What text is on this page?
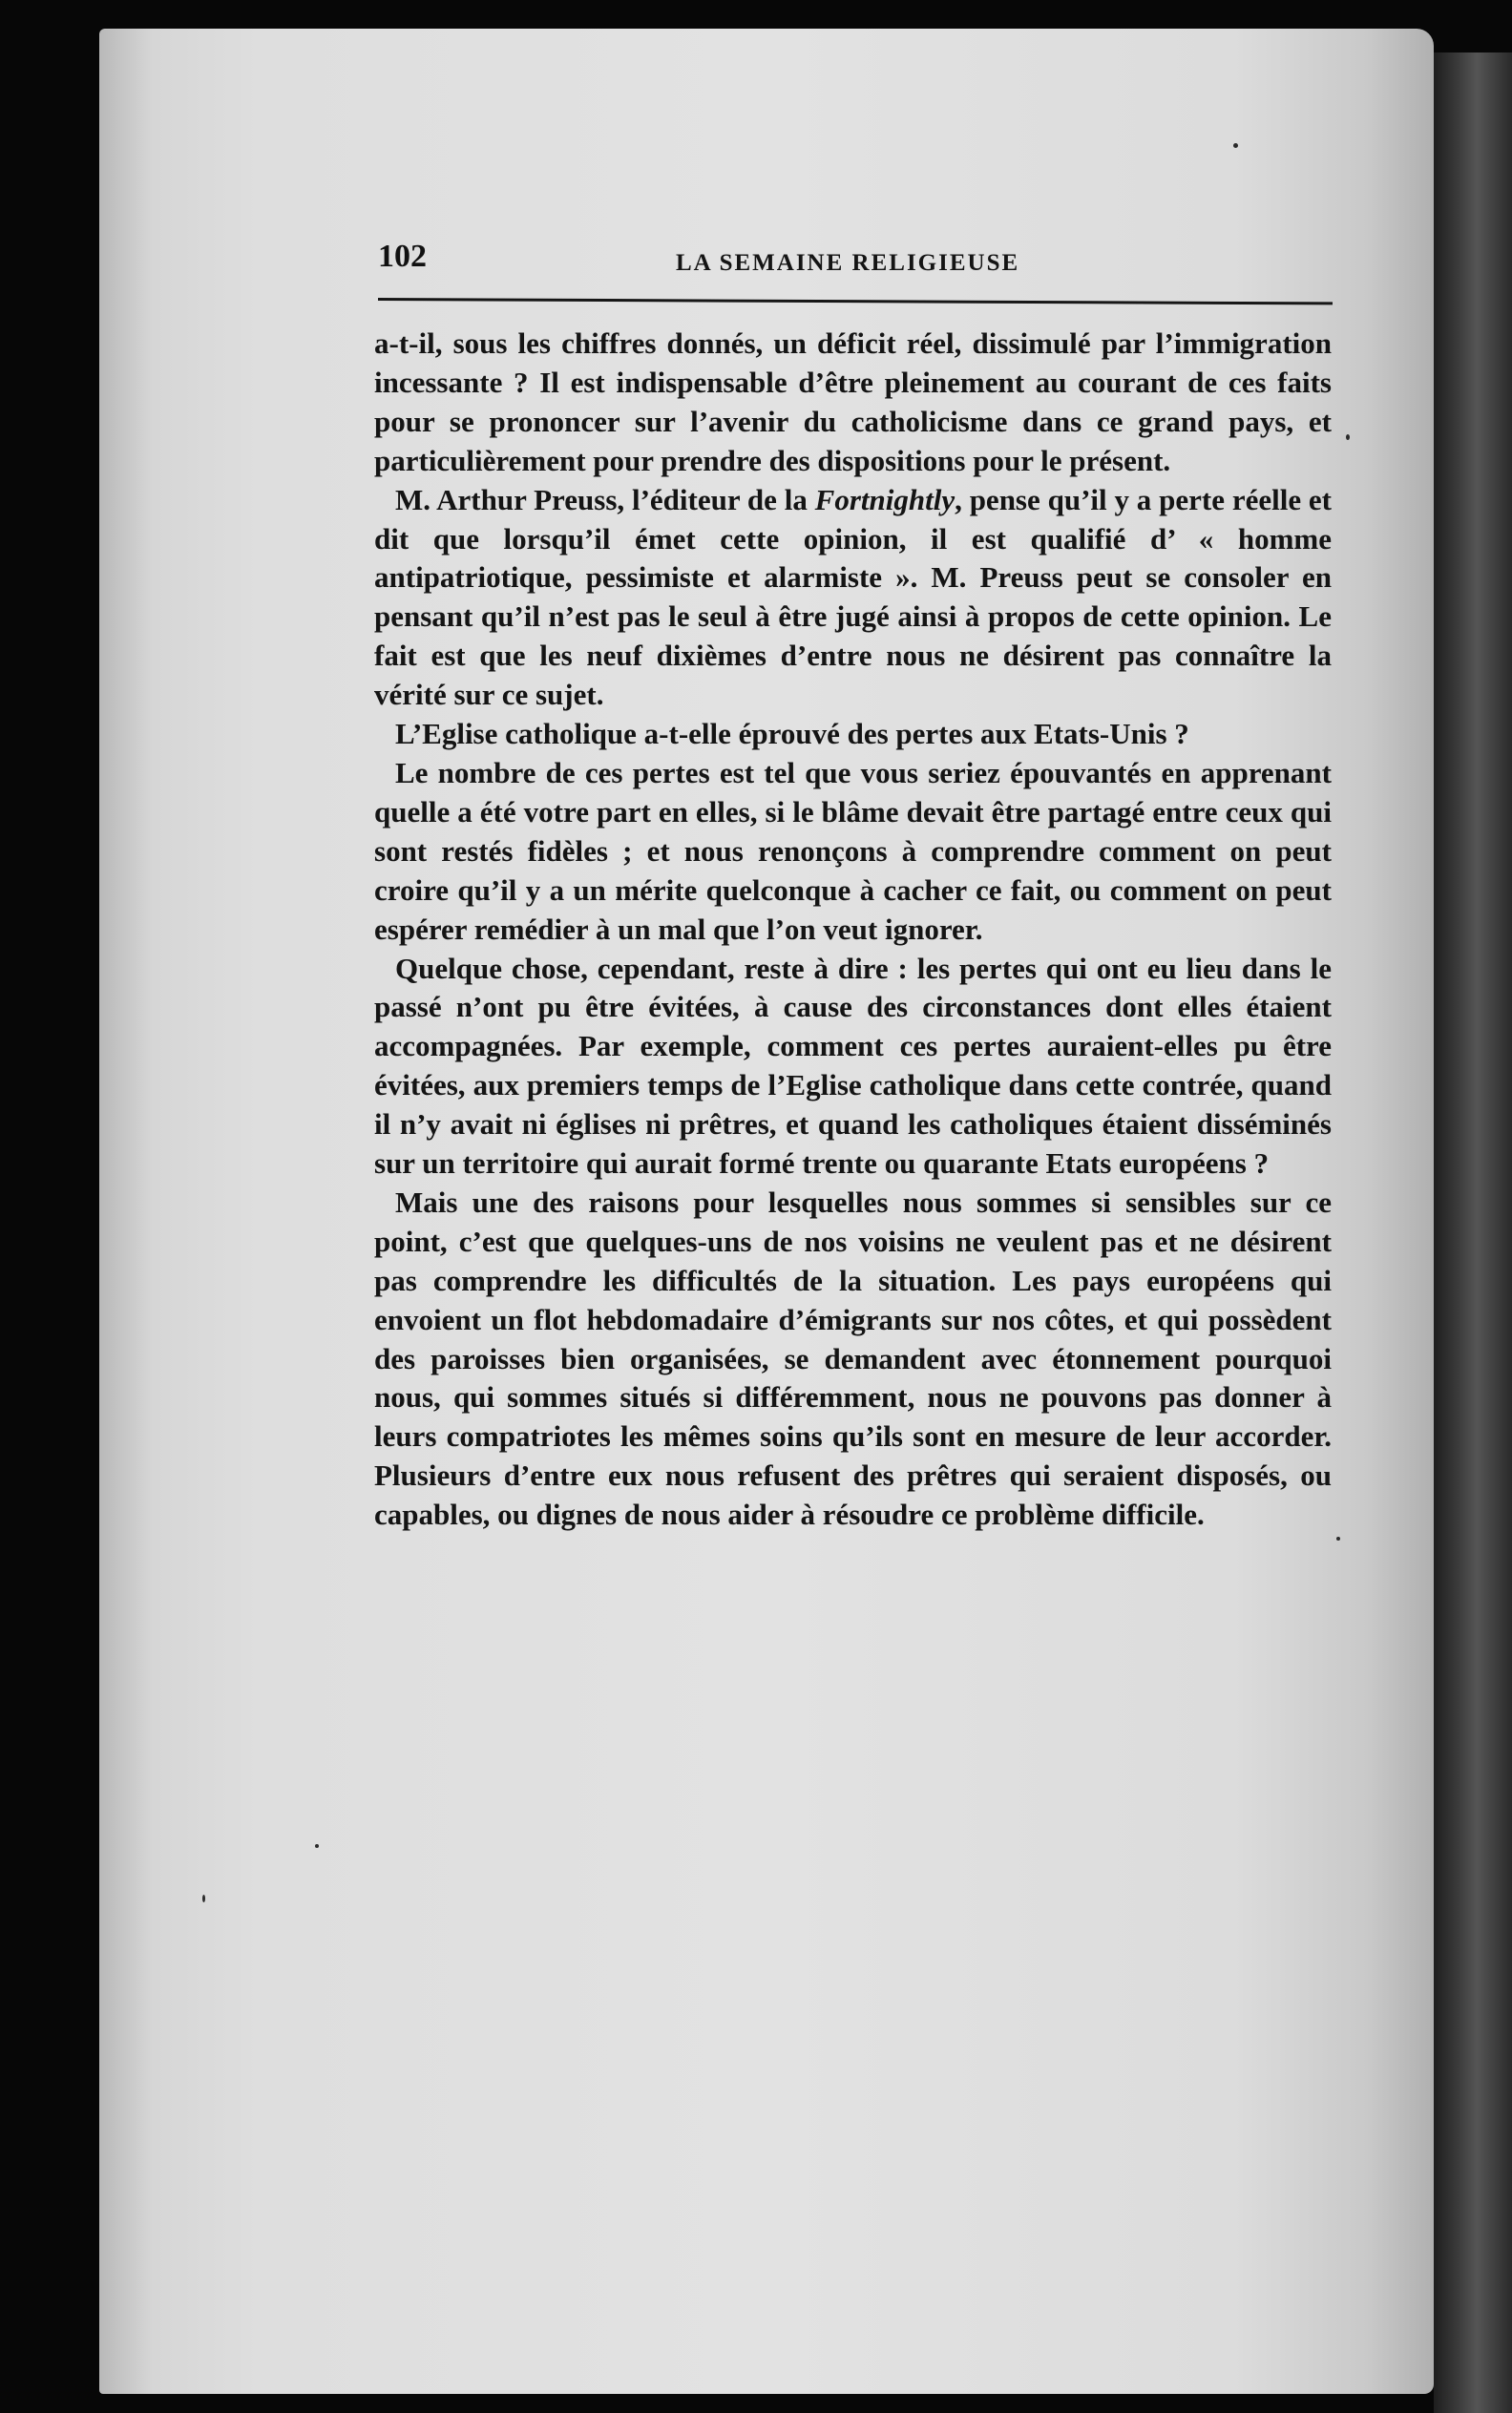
102	LA SEMAINE RELIGIEUSE

a-t-il, sous les chiffres donnés, un déficit réel, dissimulé par l’immigration incessante ? Il est indispensable d’être pleinement au courant de ces faits pour se prononcer sur l’avenir du catholicisme dans ce grand pays, et particulièrement pour prendre des dispositions pour le présent.

M. Arthur Preuss, l’éditeur de la Fortnightly, pense qu’il y a perte réelle et dit que lorsqu’il émet cette opinion, il est qualifié d’ « homme antipatriotique, pessimiste et alarmiste ». M. Preuss peut se consoler en pensant qu’il n’est pas le seul à être jugé ainsi à propos de cette opinion. Le fait est que les neuf dixièmes d’entre nous ne désirent pas connaître la vérité sur ce sujet.

L’Eglise catholique a-t-elle éprouvé des pertes aux Etats-Unis ?

Le nombre de ces pertes est tel que vous seriez épouvantés en apprenant quelle a été votre part en elles, si le blâme devait être partagé entre ceux qui sont restés fidèles ; et nous renonçons à comprendre comment on peut croire qu’il y a un mérite quelconque à cacher ce fait, ou comment on peut espérer remédier à un mal que l’on veut ignorer.

Quelque chose, cependant, reste à dire : les pertes qui ont eu lieu dans le passé n’ont pu être évitées, à cause des circonstances dont elles étaient accompagnées. Par exemple, comment ces pertes auraient-elles pu être évitées, aux premiers temps de l’Eglise catholique dans cette contrée, quand il n’y avait ni églises ni prêtres, et quand les catholiques étaient disséminés sur un territoire qui aurait formé trente ou quarante Etats européens ?

Mais une des raisons pour lesquelles nous sommes si sensibles sur ce point, c’est que quelques-uns de nos voisins ne veulent pas et ne désirent pas comprendre les difficultés de la situation. Les pays européens qui envoient un flot hebdomadaire d’émigrants sur nos côtes, et qui possèdent des paroisses bien organisées, se demandent avec étonnement pourquoi nous, qui sommes situés si différemment, nous ne pouvons pas donner à leurs compatriotes les mêmes soins qu’ils sont en mesure de leur accorder. Plusieurs d’entre eux nous refusent des prêtres qui seraient disposés, ou capables, ou dignes de nous aider à résoudre ce problème difficile.
